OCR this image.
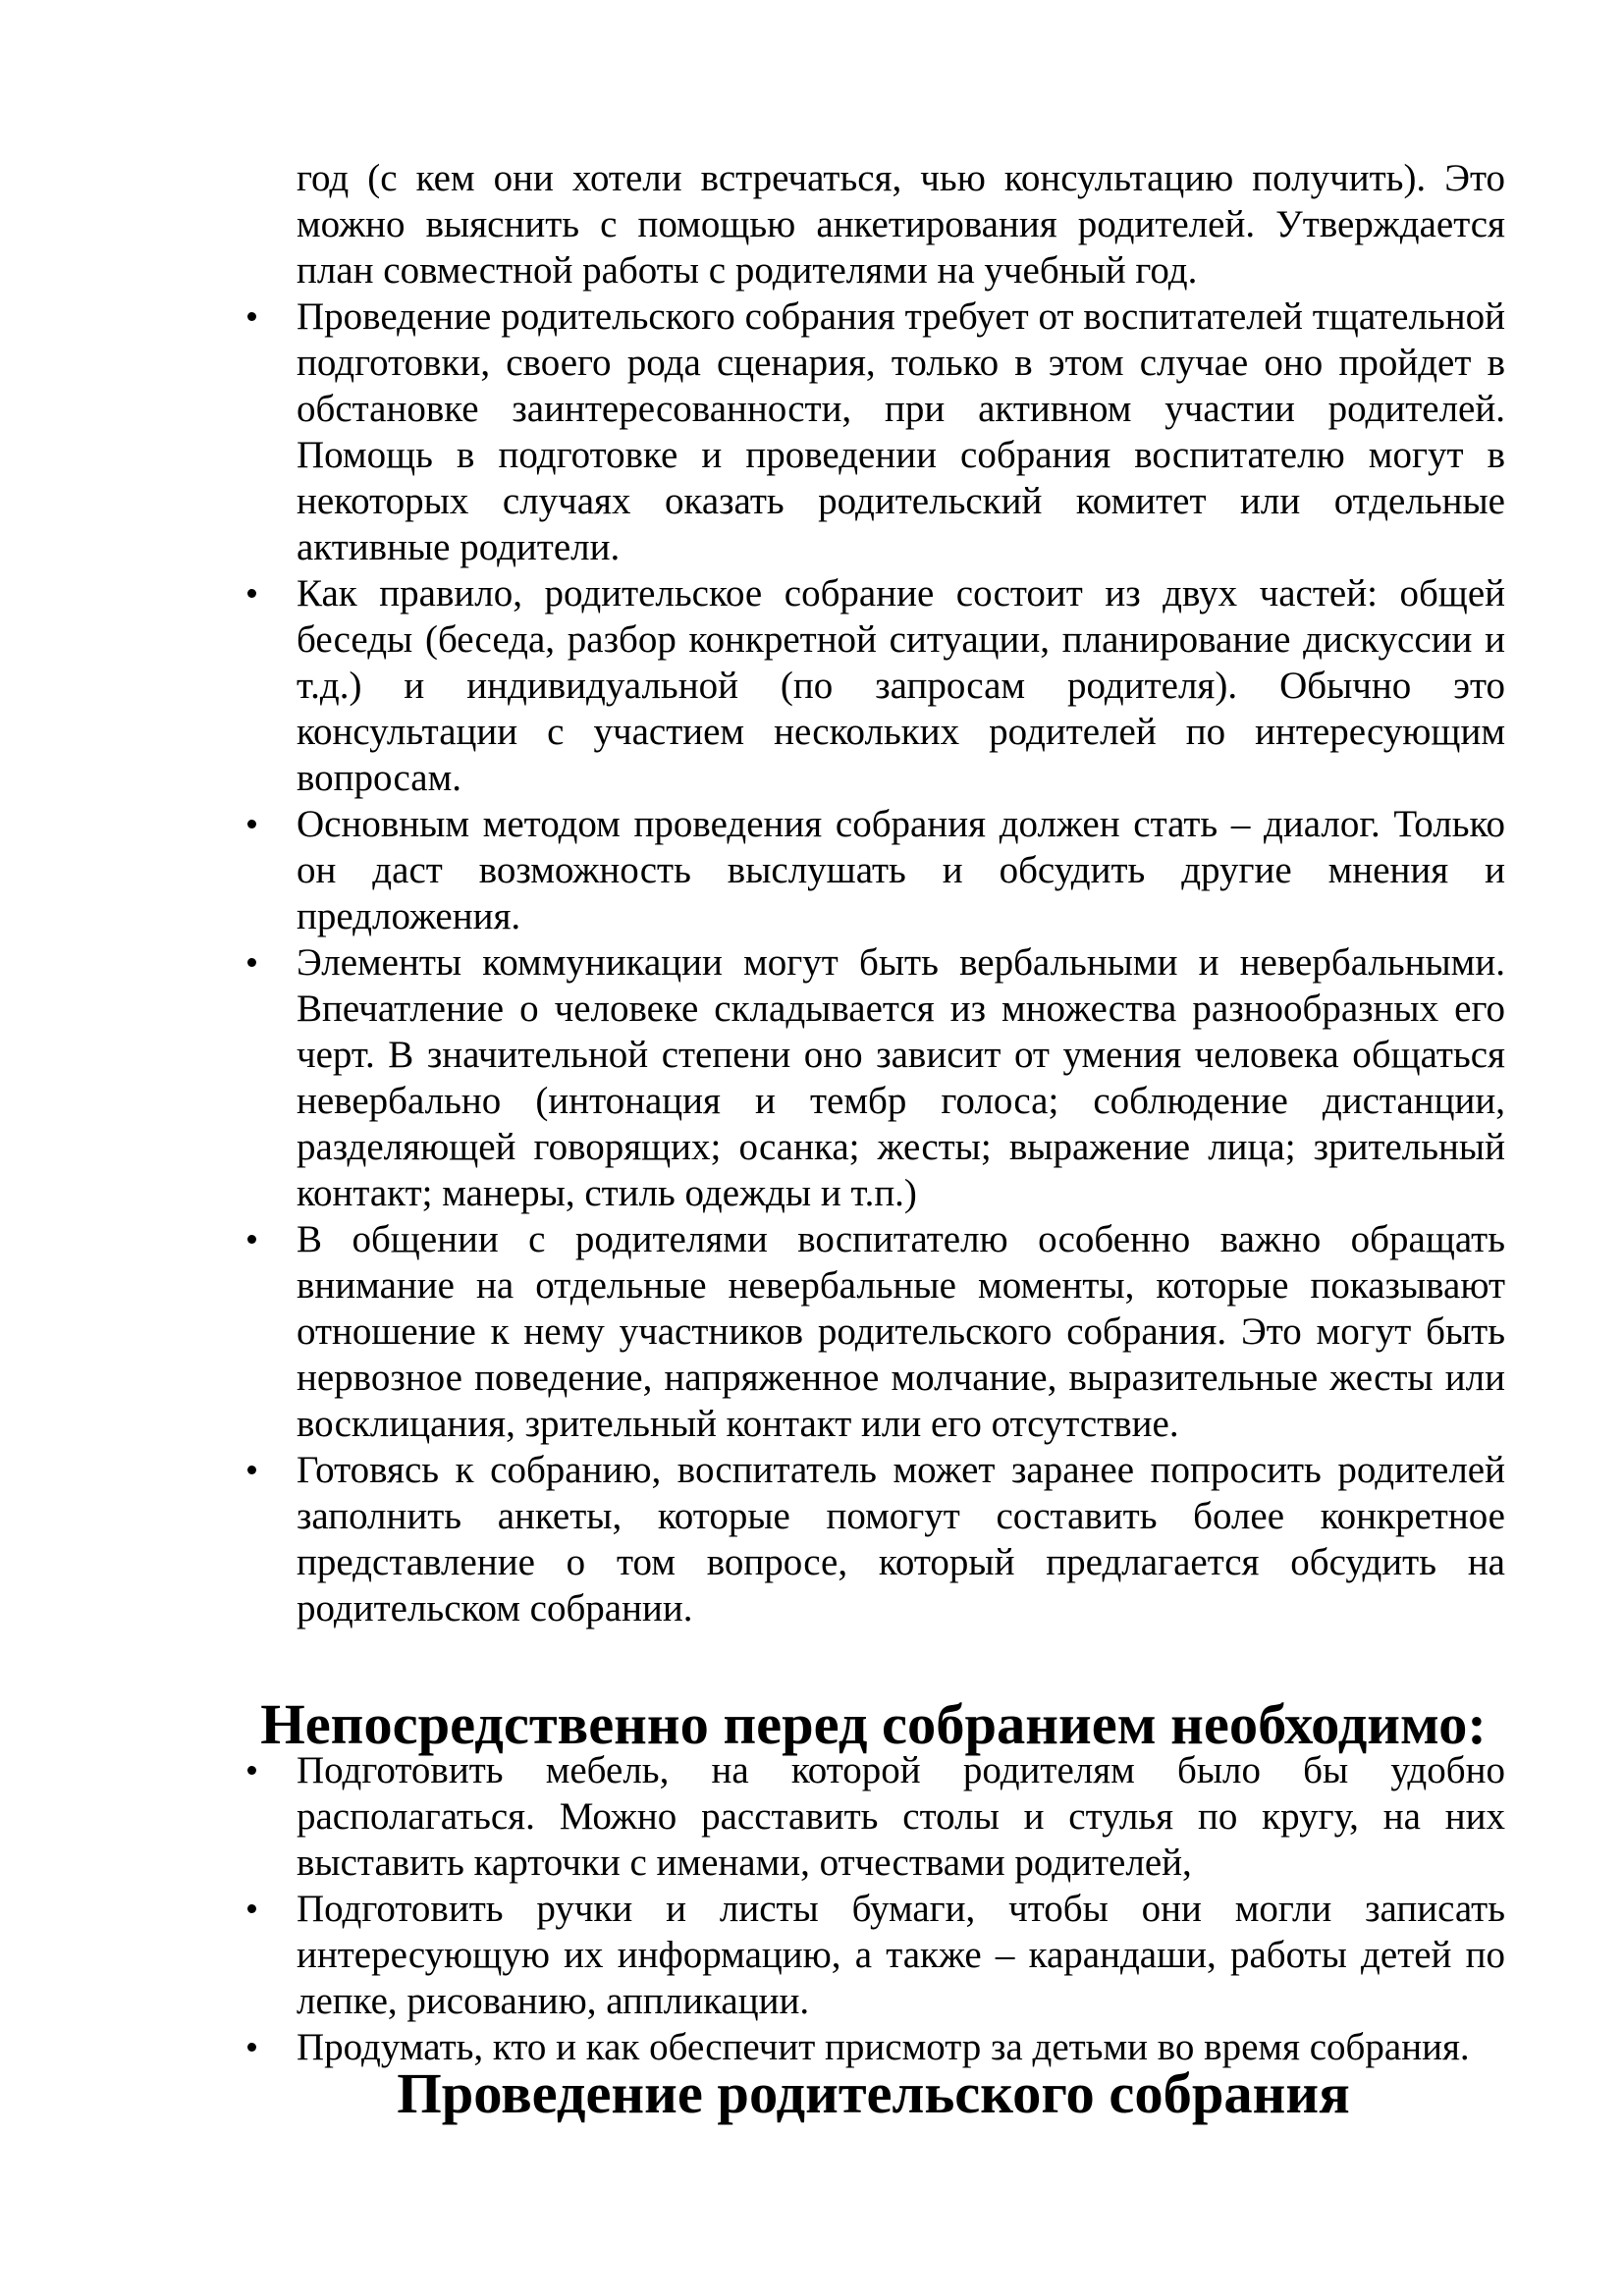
год (с кем они хотели встречаться, чью консультацию получить). Это можно выяснить с помощью анкетирования родителей. Утверждается план совместной работы с родителями на учебный год.

Проведение родительского собрания требует от воспитателей тщательной подготовки, своего рода сценария, только в этом случае оно пройдет в обстановке заинтересованности, при активном участии родителей. Помощь в подготовке и проведении собрания воспитателю могут в некоторых случаях оказать родительский комитет или отдельные активные родители.
Как правило, родительское собрание состоит из двух частей: общей беседы (беседа, разбор конкретной ситуации, планирование дискуссии и т.д.) и индивидуальной (по запросам родителя). Обычно это консультации с участием нескольких родителей по интересующим вопросам.
Основным методом проведения собрания должен стать – диалог. Только он даст возможность выслушать и обсудить другие мнения и предложения.
Элементы коммуникации могут быть вербальными и невербальными. Впечатление о человеке складывается из множества разнообразных его черт. В значительной степени оно зависит от умения человека общаться невербально (интонация и тембр голоса; соблюдение дистанции, разделяющей говорящих; осанка; жесты; выражение лица; зрительный контакт; манеры, стиль одежды и т.п.)
В общении с родителями воспитателю особенно важно обращать внимание на отдельные невербальные моменты, которые показывают отношение к нему участников родительского собрания. Это могут быть нервозное поведение, напряженное молчание, выразительные жесты или восклицания, зрительный контакт или его отсутствие.
Готовясь к собранию, воспитатель может заранее попросить родителей заполнить анкеты, которые помогут составить более конкретное представление о том вопросе, который предлагается обсудить на родительском собрании.
Непосредственно перед собранием необходимо:
Подготовить мебель, на которой родителям было бы удобно располагаться. Можно расставить столы и стулья по кругу, на них выставить карточки с именами, отчествами родителей,
Подготовить ручки и листы бумаги, чтобы они могли записать интересующую их информацию, а также – карандаши, работы детей по лепке, рисованию, аппликации.
Продумать, кто и как обеспечит присмотр за детьми во время собрания.
Проведение родительского собрания
